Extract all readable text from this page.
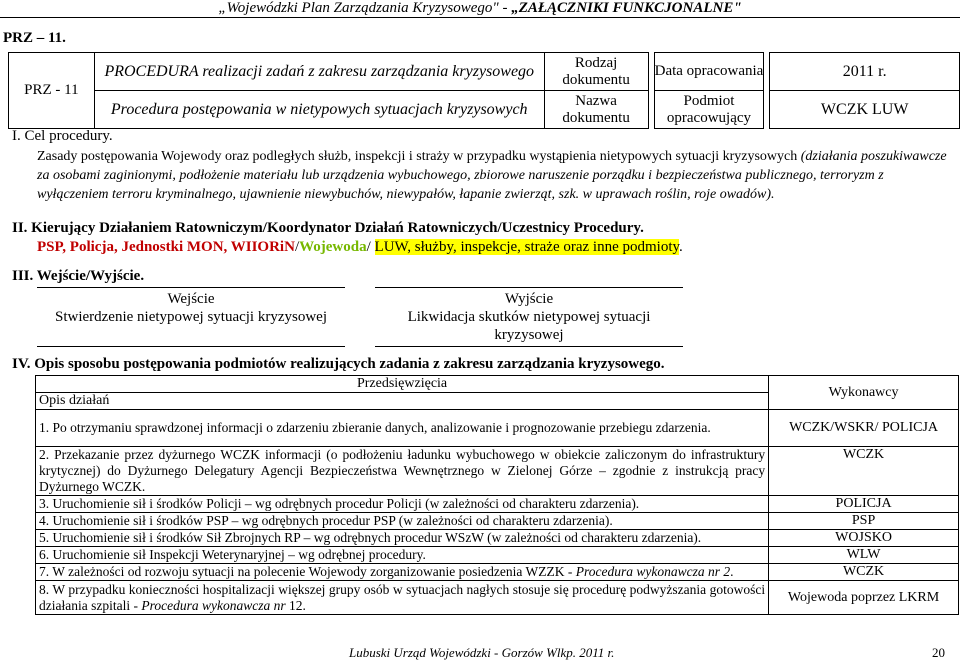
„Wojewódzki Plan Zarządzania Kryzysowego" - „ZAŁĄCZNIKI FUNKCJONALNE"
PRZ – 11.
PRZ - 11	PROCEDURA realizacji zadań z zakresu zarządzania kryzysowego	Rodzaj dokumentu		Data opracowania		2011 r.
	Procedura postępowania w nietypowych sytuacjach kryzysowych	Nazwa dokumentu		Podmiot opracowujący		WCZK LUW
I. Cel procedury.
Zasady postępowania Wojewody oraz podległych służb, inspekcji i straży w przypadku wystąpienia nietypowych sytuacji kryzysowych (działania poszukiwawcze za osobami zaginionymi, podłożenie materiału lub urządzenia wybuchowego, zbiorowe naruszenie porządku i bezpieczeństwa publicznego, terroryzm z wyłączeniem terroru kryminalnego, ujawnienie niewybuchów, niewypałów, łapanie zwierząt, szk. w uprawach roślin, roje owadów).
II. Kierujący Działaniem Ratowniczym/Koordynator Działań Ratowniczych/Uczestnicy Procedury.
PSP, Policja, Jednostki MON, WIIORiN/Wojewoda/ LUW, służby, inspekcje, straże oraz inne podmioty.
III. Wejście/Wyjście.
Wejście
Stwierdzenie nietypowej sytuacji kryzysowej

Wyjście
Likwidacja skutków nietypowej sytuacji kryzysowej
IV. Opis sposobu postępowania podmiotów realizujących zadania z zakresu zarządzania kryzysowego.
Przedsięwzięcia	Wykonawcy
Opis działań	
1. Po otrzymaniu sprawdzonej informacji o zdarzeniu zbieranie danych, analizowanie i prognozowanie przebiegu zdarzenia.	WCZK/WSKR/ POLICJA
2. Przekazanie przez dyżurnego WCZK informacji (o podłożeniu ładunku wybuchowego w obiekcie zaliczonym do infrastruktury krytycznej) do Dyżurnego Delegatury Agencji Bezpieczeństwa Wewnętrznego w Zielonej Górze – zgodnie z instrukcją pracy Dyżurnego WCZK.	WCZK
3. Uruchomienie sił i środków Policji – wg odrębnych procedur Policji (w zależności od charakteru zdarzenia).	POLICJA
4. Uruchomienie sił i środków PSP – wg odrębnych procedur PSP (w zależności od charakteru zdarzenia).	PSP
5. Uruchomienie sił i środków Sił Zbrojnych RP – wg odrębnych procedur WSzW (w zależności od charakteru zdarzenia).	WOJSKO
6. Uruchomienie sił Inspekcji Weterynaryjnej – wg odrębnej procedury.	WLW
7. W zależności od rozwoju sytuacji na polecenie Wojewody zorganizowanie posiedzenia WZZK - Procedura wykonawcza nr 2.	WCZK
8. W przypadku konieczności hospitalizacji większej grupy osób w sytuacjach nagłych stosuje się procedurę podwyższania gotowości działania szpitali - Procedura wykonawcza nr 12.	Wojewoda poprzez LKRM
Lubuski Urząd Wojewódzki - Gorzów Wlkp. 2011 r.	20
